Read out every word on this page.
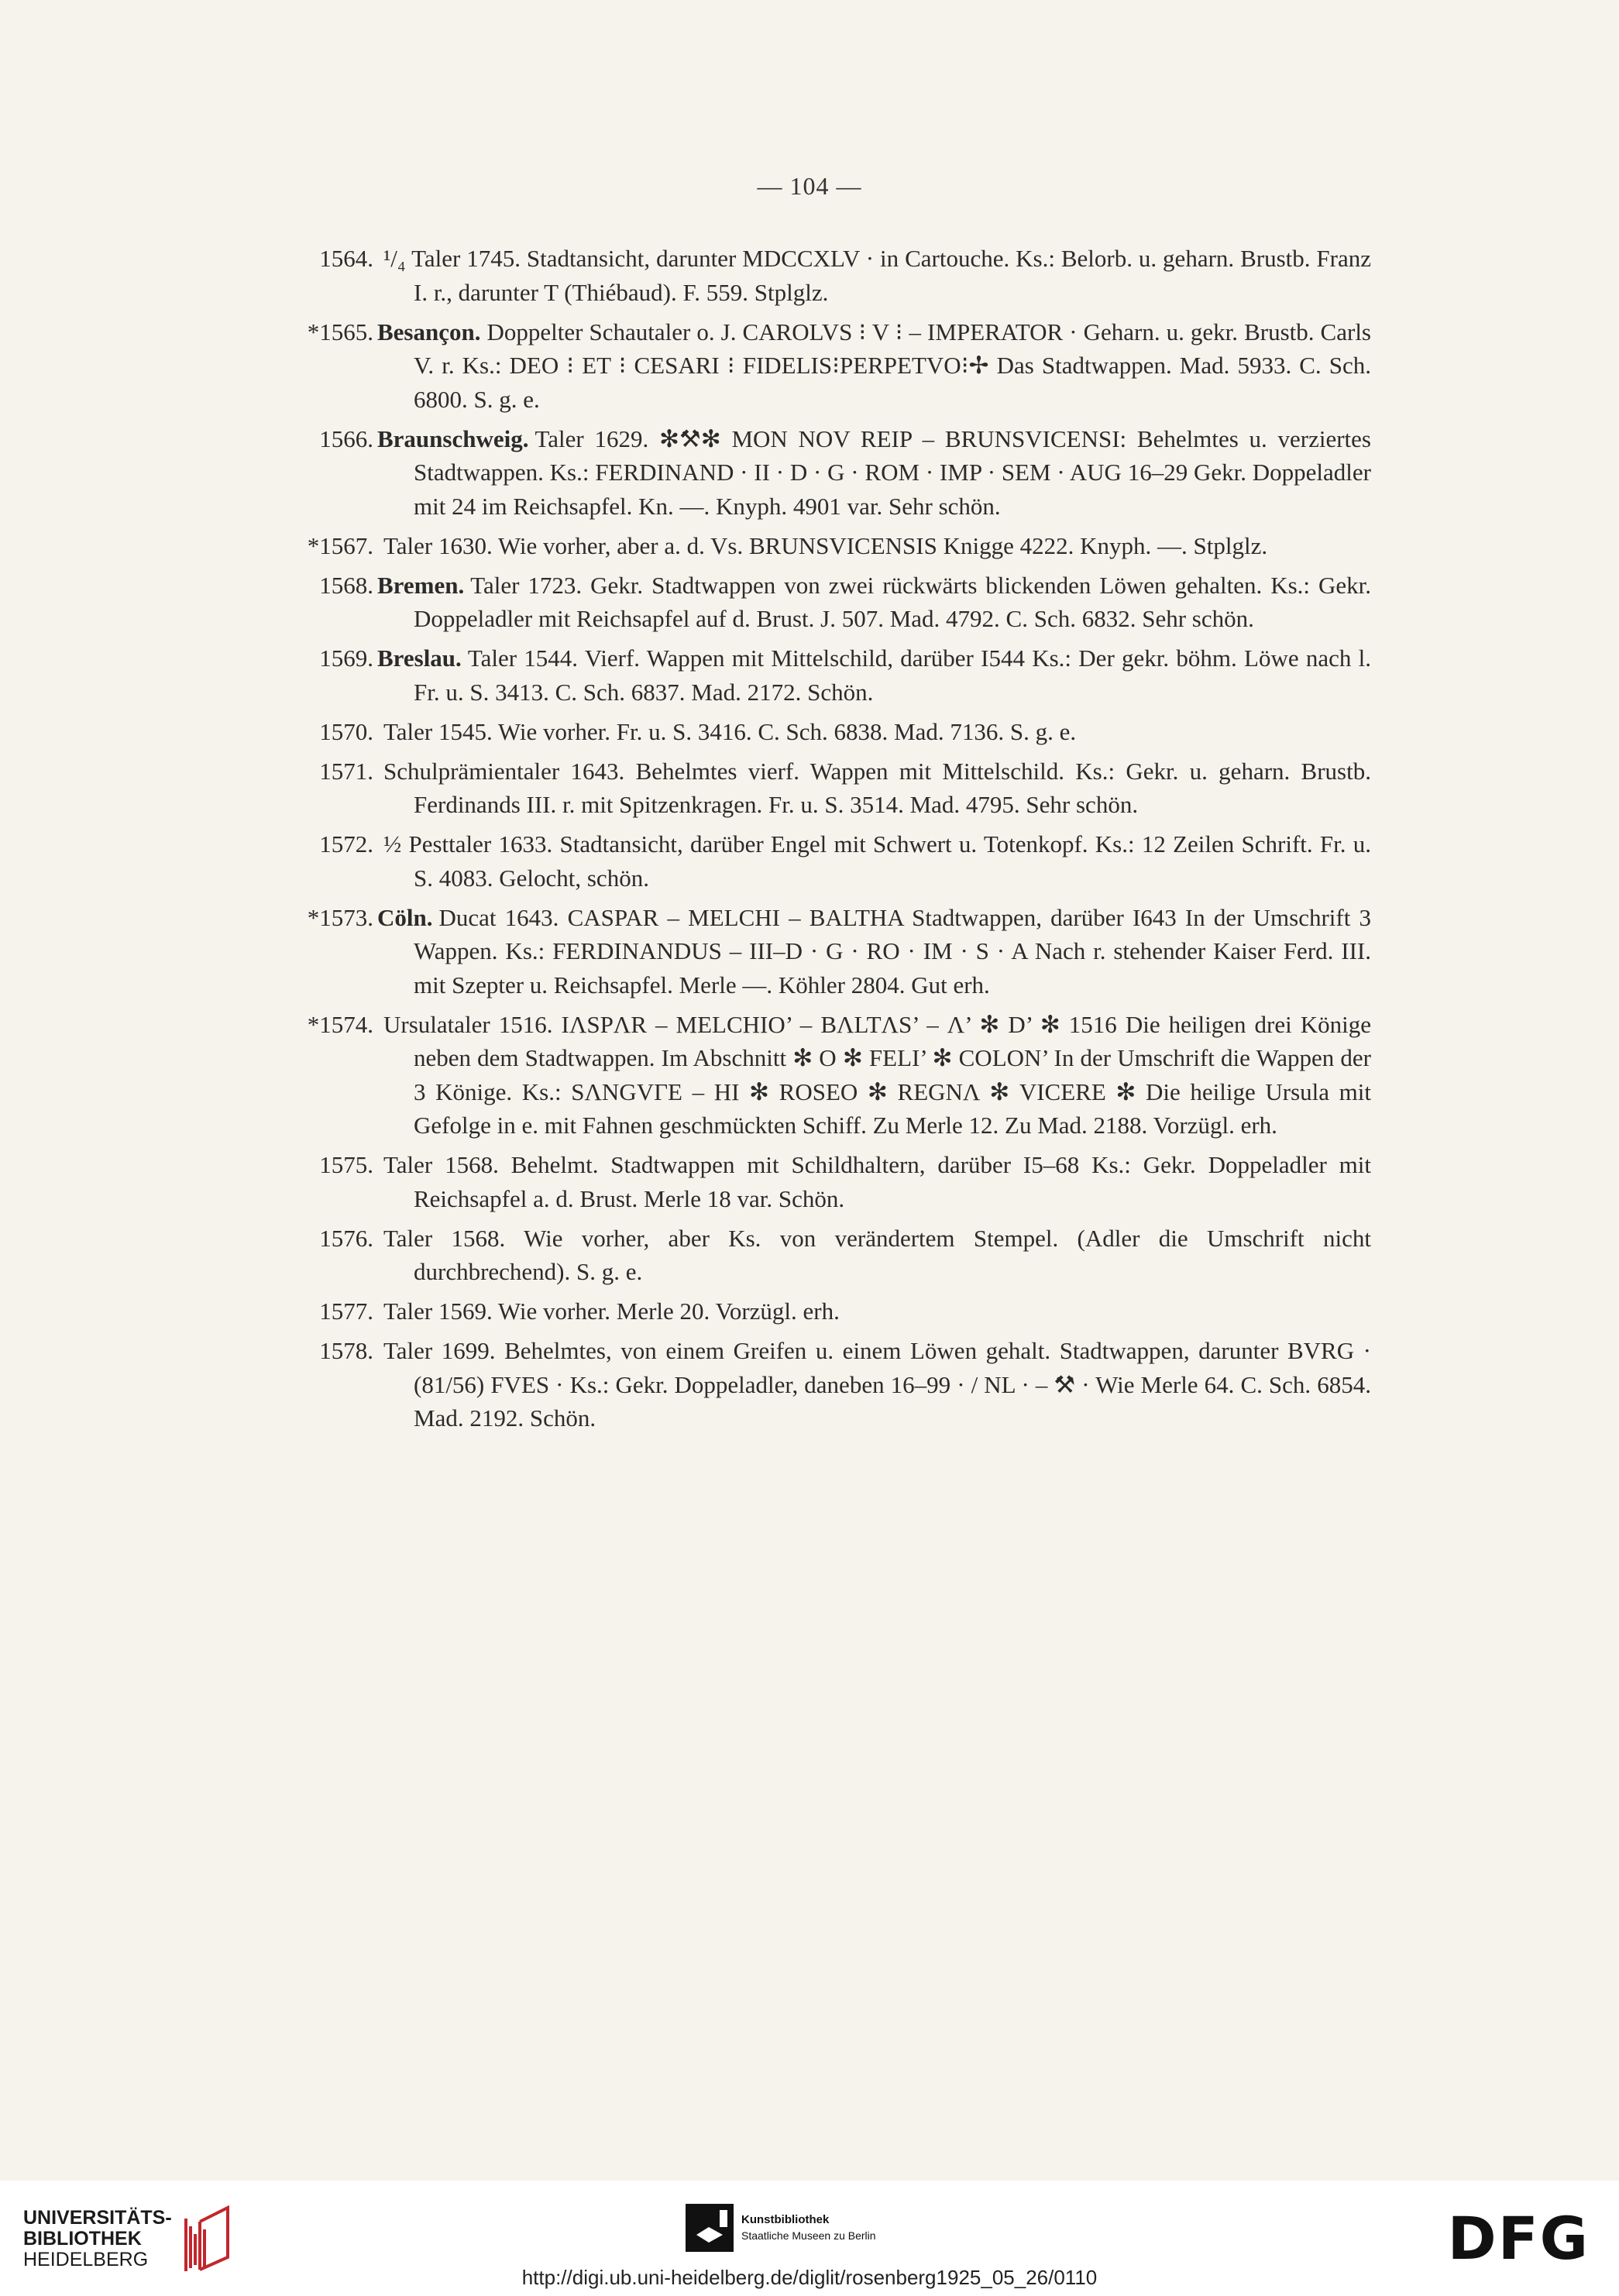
— 104 —
1564. ¹/₄ Taler 1745. Stadtansicht, darunter MDCCXLV · in Cartouche. Ks.: Belorb. u. geharn. Brustb. Franz I. r., darunter T (Thiébaud). F. 559. Stplglz.
*1565. Besançon. Doppelter Schautaler o. J. CAROLVS ⁝ V ⁝ – IMPERATOR · Geharn. u. gekr. Brustb. Carls V. r. Ks.: DEO ⁝ ET ⁝ CESARI ⁝ FIDELIS⁝PERPETVO⁝✢ Das Stadtwappen. Mad. 5933. C. Sch. 6800. S. g. e.
1566. Braunschweig. Taler 1629. ✻⚒✻ MON NOV REIP – BRUNSVICENSI: Behelmtes u. verziertes Stadtwappen. Ks.: FERDINAND · II · D · G · ROM · IMP · SEM · AUG 16–29 Gekr. Doppeladler mit 24 im Reichsapfel. Kn. —. Knyph. 4901 var. Sehr schön.
*1567. Taler 1630. Wie vorher, aber a. d. Vs. BRUNSVICENSIS Knigge 4222. Knyph. —. Stplglz.
1568. Bremen. Taler 1723. Gekr. Stadtwappen von zwei rückwärts blickenden Löwen gehalten. Ks.: Gekr. Doppeladler mit Reichsapfel auf d. Brust. J. 507. Mad. 4792. C. Sch. 6832. Sehr schön.
1569. Breslau. Taler 1544. Vierf. Wappen mit Mittelschild, darüber I544 Ks.: Der gekr. böhm. Löwe nach l. Fr. u. S. 3413. C. Sch. 6837. Mad. 2172. Schön.
1570. Taler 1545. Wie vorher. Fr. u. S. 3416. C. Sch. 6838. Mad. 7136. S. g. e.
1571. Schulprämientaler 1643. Behelmtes vierf. Wappen mit Mittelschild. Ks.: Gekr. u. geharn. Brustb. Ferdinands III. r. mit Spitzenkragen. Fr. u. S. 3514. Mad. 4795. Sehr schön.
1572. ½ Pesttaler 1633. Stadtansicht, darüber Engel mit Schwert u. Totenkopf. Ks.: 12 Zeilen Schrift. Fr. u. S. 4083. Gelocht, schön.
*1573. Cöln. Ducat 1643. CASPAR – MELCHI – BALTHA Stadtwappen, darüber I643 In der Umschrift 3 Wappen. Ks.: FERDINANDUS – III–D · G · RO · IM · S · A Nach r. stehender Kaiser Ferd. III. mit Szepter u. Reichsapfel. Merle —. Köhler 2804. Gut erh.
*1574. Ursulataler 1516. IΛSPΛR – ΜΕLCΗΙΟ’ – BΛLTΛS’ – Λ’ ✻ D’ ✻ 1516 Die heiligen drei Könige neben dem Stadtwappen. Im Abschnitt ✻ O ✻ FELI’ ✻ COLON’ In der Umschrift die Wappen der 3 Könige. Ks.: SΛNGVΓE – ΗΙ ✻ ROSEO ✻ REGNΛ ✻ VICERE ✻ Die heilige Ursula mit Gefolge in e. mit Fahnen geschmückten Schiff. Zu Merle 12. Zu Mad. 2188. Vorzügl. erh.
1575. Taler 1568. Behelmt. Stadtwappen mit Schildhaltern, darüber I5–68 Ks.: Gekr. Doppeladler mit Reichsapfel a. d. Brust. Merle 18 var. Schön.
1576. Taler 1568. Wie vorher, aber Ks. von verändertem Stempel. (Adler die Umschrift nicht durchbrechend). S. g. e.
1577. Taler 1569. Wie vorher. Merle 20. Vorzügl. erh.
1578. Taler 1699. Behelmtes, von einem Greifen u. einem Löwen gehalt. Stadtwappen, darunter BVRG · (81/56) FVES · Ks.: Gekr. Doppeladler, daneben 16–99 · / NL · – ⚒ · Wie Merle 64. C. Sch. 6854. Mad. 2192. Schön.
UNIVERSITÄTS-
BIBLIOTHEK
HEIDELBERG
Kunstbibliothek
Staatliche Museen zu Berlin	DFG
http://digi.ub.uni-heidelberg.de/diglit/rosenberg1925_05_26/0110
